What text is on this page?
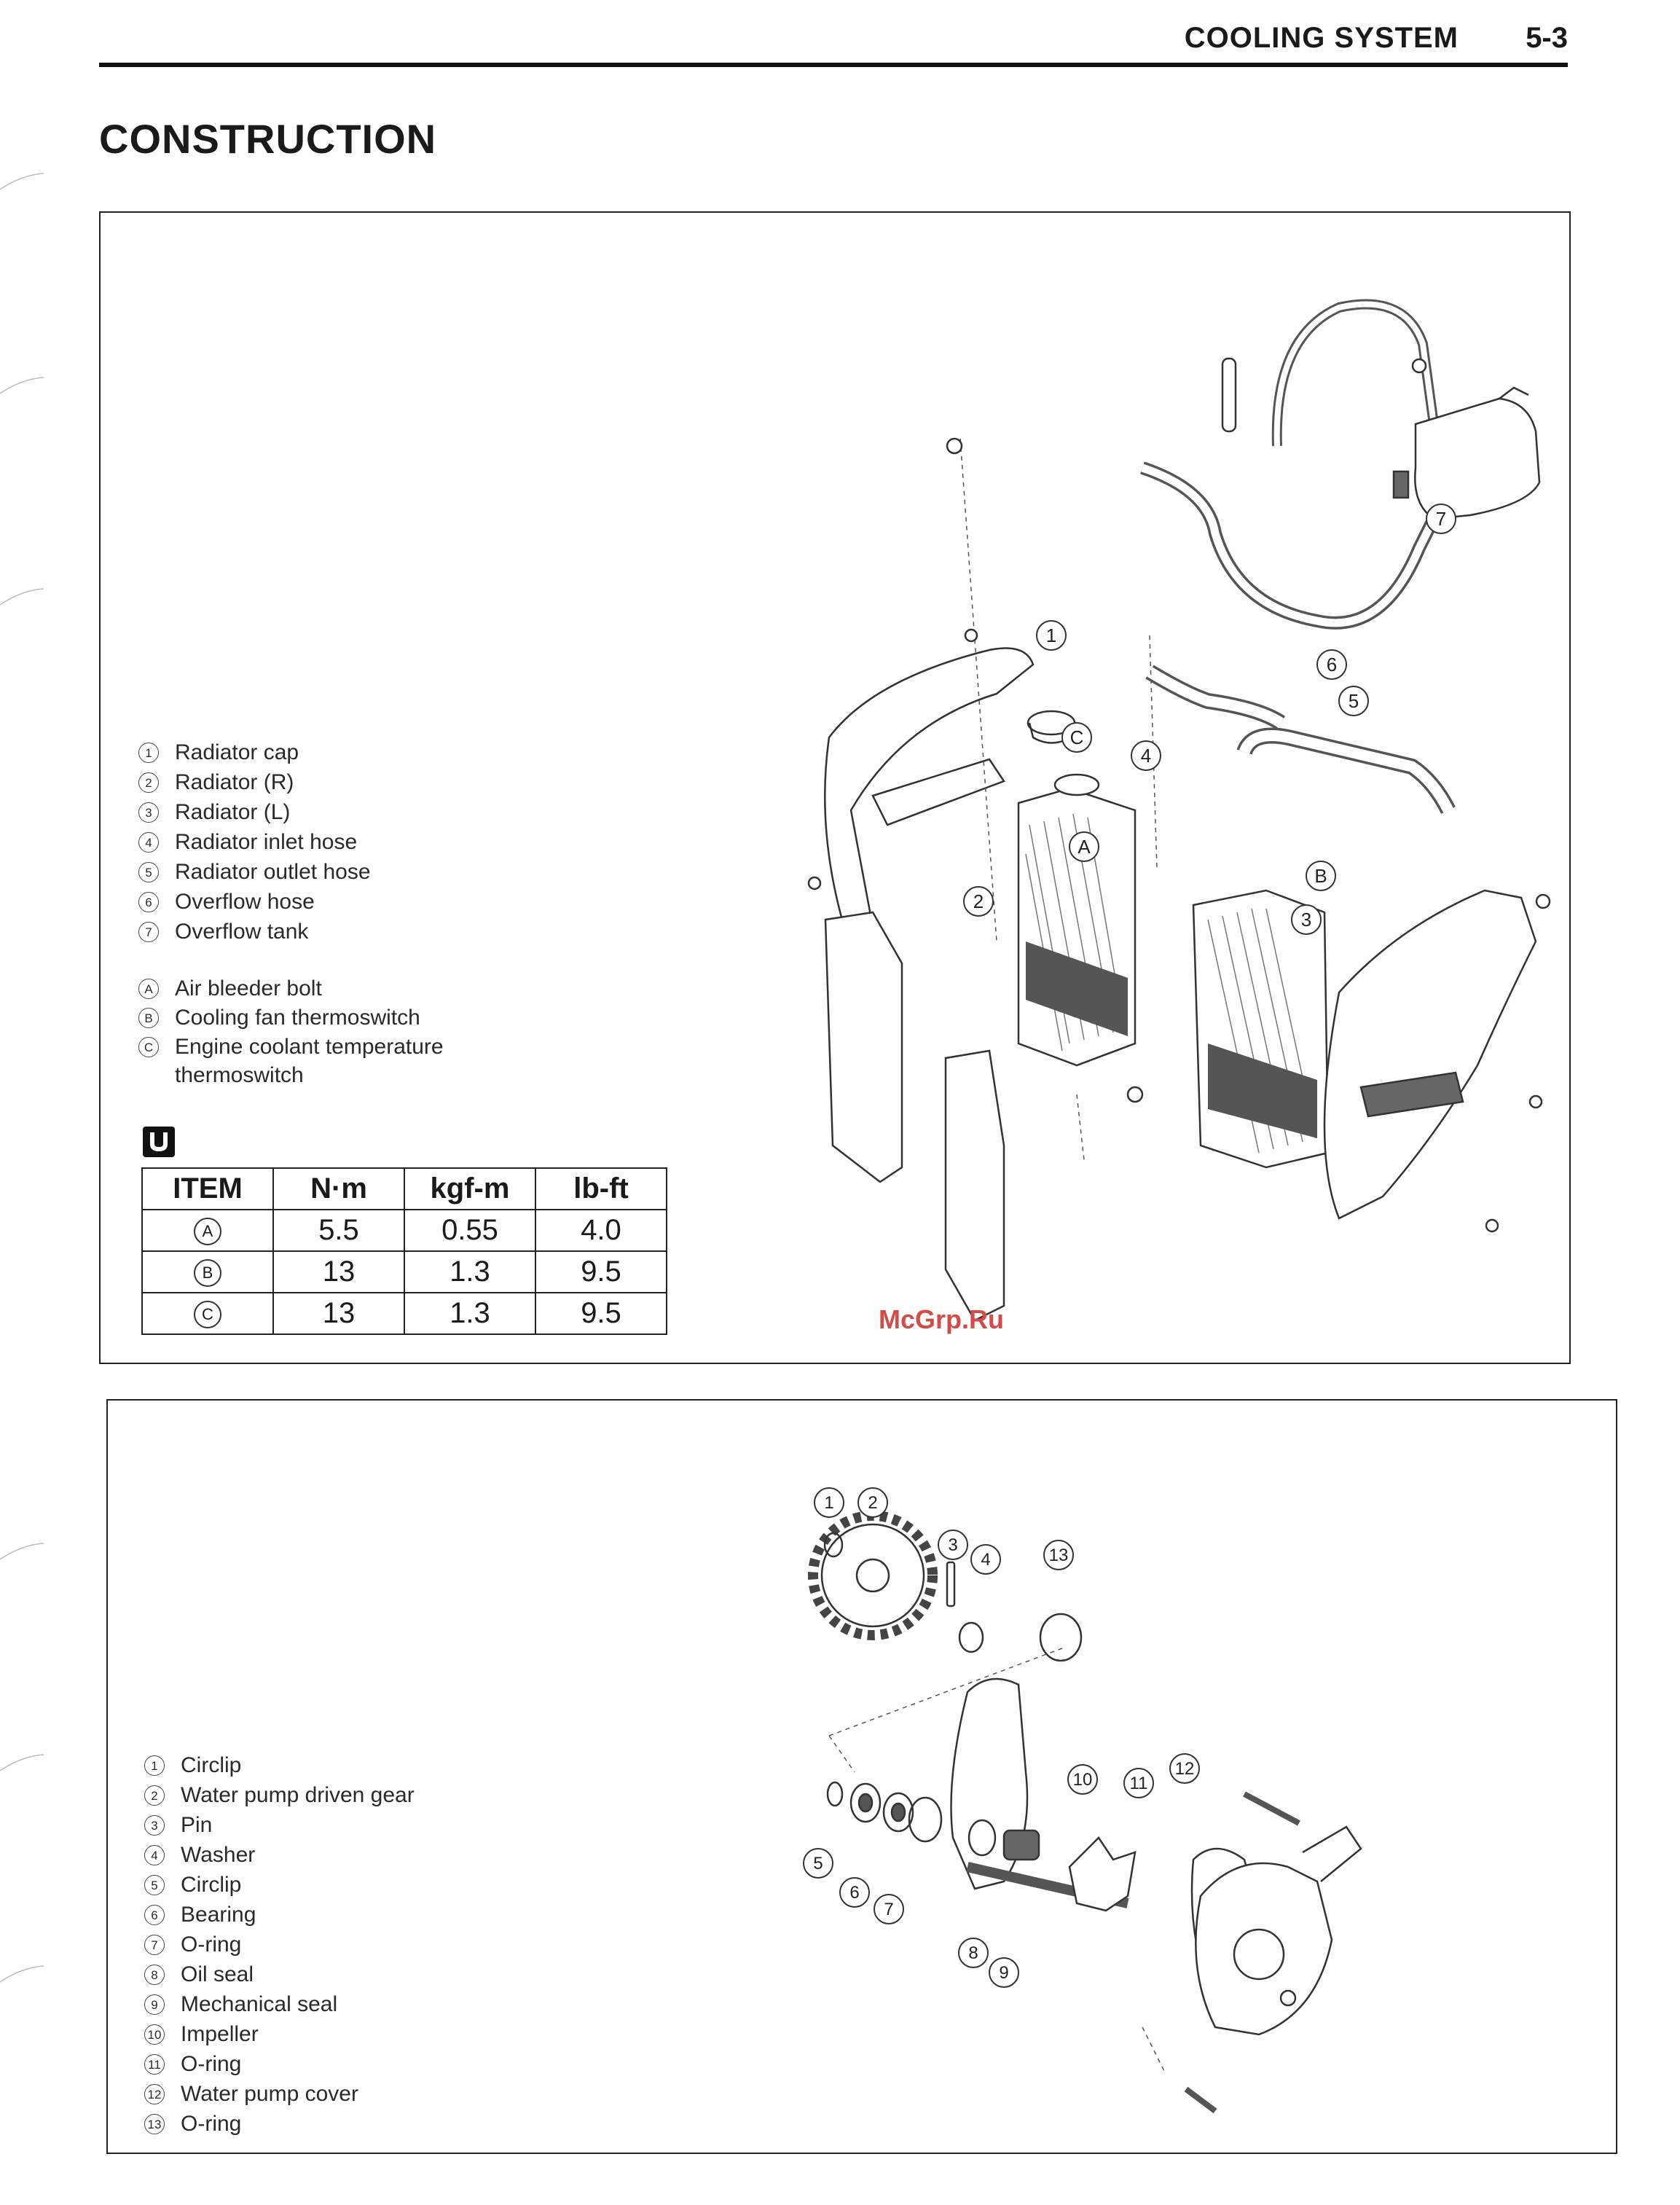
COOLING SYSTEM 5-3
CONSTRUCTION
1	Radiator cap
2	Radiator (R)
3	Radiator (L)
4	Radiator inlet hose
5	Radiator outlet hose
6	Overflow hose
7	Overflow tank
A Air bleeder bolt
B Cooling fan thermoswitch
C Engine coolant temperature thermoswitch
ITEM	N·m	kgf-m	lb-ft
A	5.5	0.55	4.0
B	13	1.3	9.5
C	13	1.3	9.5
1
2
3
4
5
6
7
A
B
C
McGrp.Ru
1	Circlip
2	Water pump driven gear
3	Pin
4	Washer
5	Circlip
6	Bearing
7	O-ring
8	Oil seal
9	Mechanical seal
10 Impeller
11 O-ring
12 Water pump cover
13 O-ring
1 2
3
4
5
6
7
8
9
10 11
12
13
